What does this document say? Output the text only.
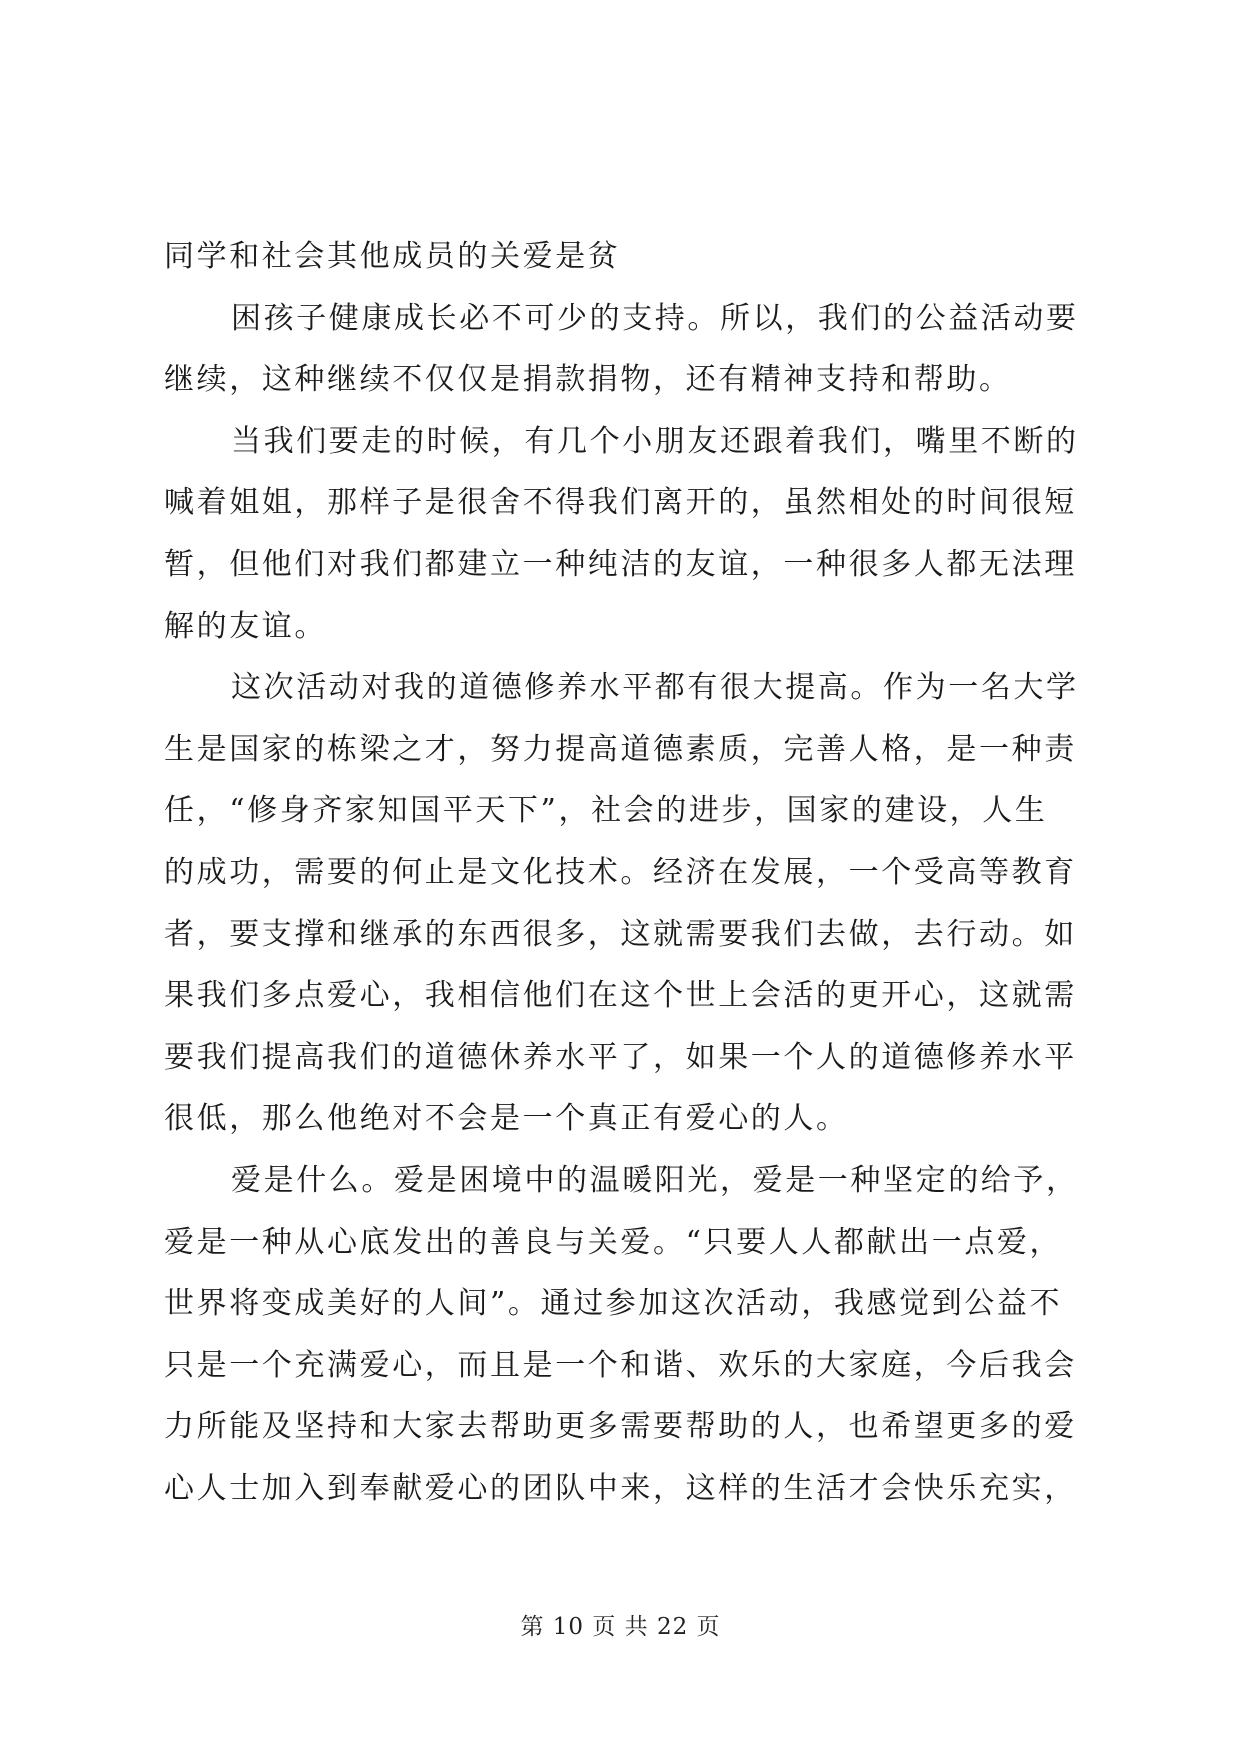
同学和社会其他成员的关爱是贫
困孩子健康成长必不可少的支持。所以，我们的公益活动要
继续，这种继续不仅仅是捐款捐物，还有精神支持和帮助。
当我们要走的时候，有几个小朋友还跟着我们，嘴里不断的
喊着姐姐，那样子是很舍不得我们离开的，虽然相处的时间很短
暂，但他们对我们都建立一种纯洁的友谊，一种很多人都无法理
解的友谊。
这次活动对我的道德修养水平都有很大提高。作为一名大学
生是国家的栋梁之才，努力提高道德素质，完善人格，是一种责
任，“修身齐家知国平天下”，社会的进步，国家的建设，人生
的成功，需要的何止是文化技术。经济在发展，一个受高等教育
者，要支撑和继承的东西很多，这就需要我们去做，去行动。如
果我们多点爱心，我相信他们在这个世上会活的更开心，这就需
要我们提高我们的道德休养水平了，如果一个人的道德修养水平
很低，那么他绝对不会是一个真正有爱心的人。
爱是什么。爱是困境中的温暖阳光，爱是一种坚定的给予，
爱是一种从心底发出的善良与关爱。“只要人人都献出一点爱，
世界将变成美好的人间”。通过参加这次活动，我感觉到公益不
只是一个充满爱心，而且是一个和谐、欢乐的大家庭，今后我会
力所能及坚持和大家去帮助更多需要帮助的人，也希望更多的爱
心人士加入到奉献爱心的团队中来，这样的生活才会快乐充实，
第 10 页 共 22 页
